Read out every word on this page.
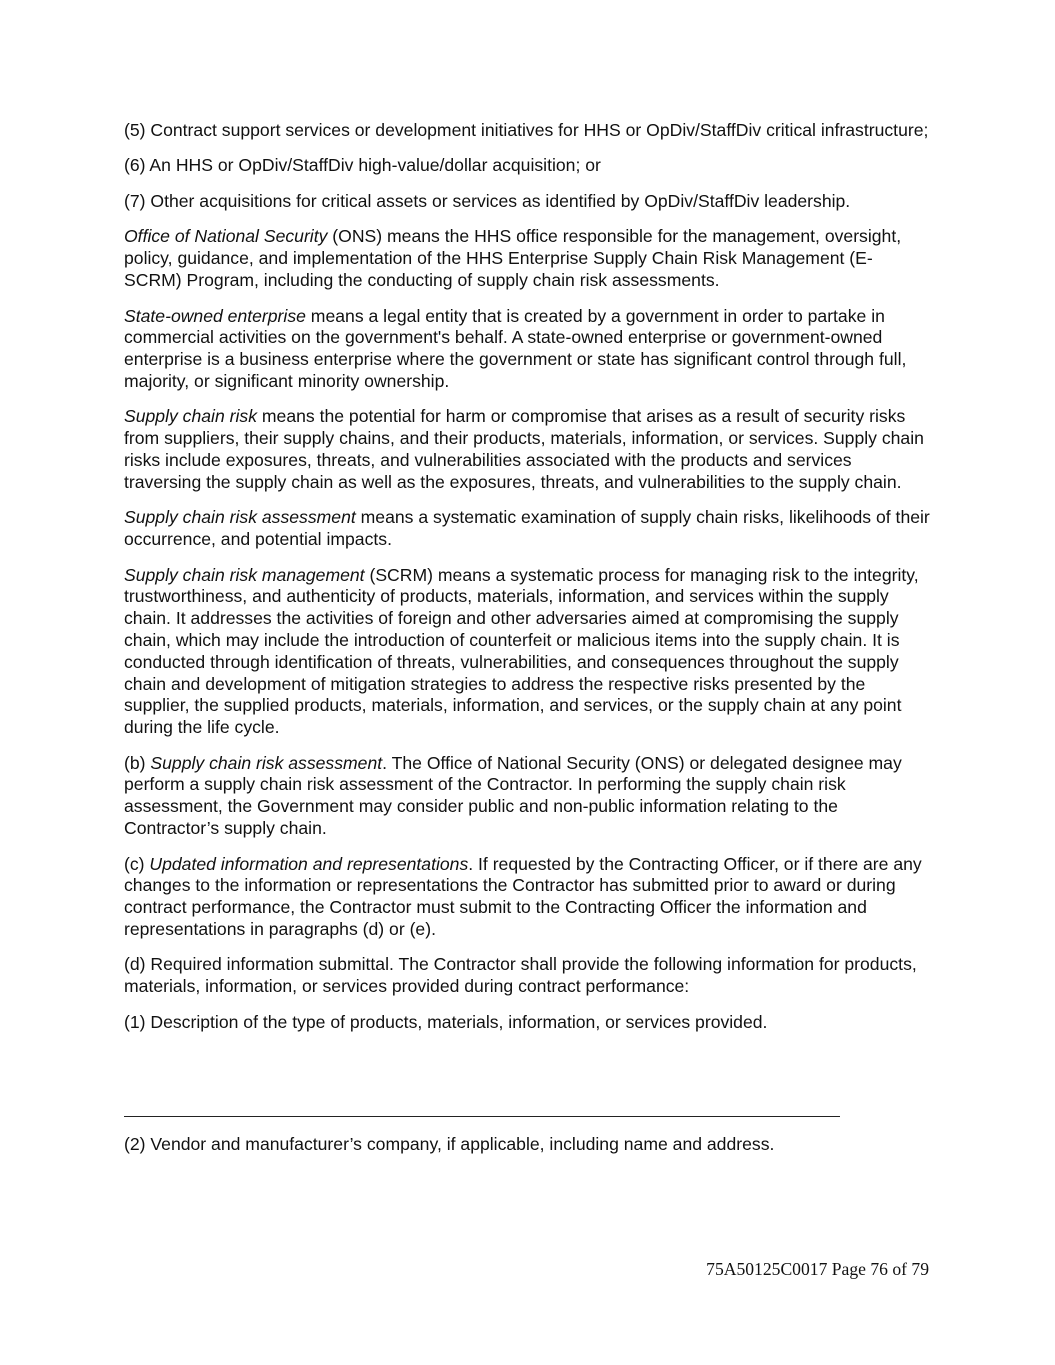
(5) Contract support services or development initiatives for HHS or OpDiv/StaffDiv critical infrastructure;

(6) An HHS or OpDiv/StaffDiv high-value/dollar acquisition; or

(7) Other acquisitions for critical assets or services as identified by OpDiv/StaffDiv leadership.

Office of National Security (ONS) means the HHS office responsible for the management, oversight, policy, guidance, and implementation of the HHS Enterprise Supply Chain Risk Management (E-SCRM) Program, including the conducting of supply chain risk assessments.

State-owned enterprise means a legal entity that is created by a government in order to partake in commercial activities on the government's behalf. A state-owned enterprise or government-owned enterprise is a business enterprise where the government or state has significant control through full, majority, or significant minority ownership.

Supply chain risk means the potential for harm or compromise that arises as a result of security risks from suppliers, their supply chains, and their products, materials, information, or services. Supply chain risks include exposures, threats, and vulnerabilities associated with the products and services traversing the supply chain as well as the exposures, threats, and vulnerabilities to the supply chain.

Supply chain risk assessment means a systematic examination of supply chain risks, likelihoods of their occurrence, and potential impacts.

Supply chain risk management (SCRM) means a systematic process for managing risk to the integrity, trustworthiness, and authenticity of products, materials, information, and services within the supply chain. It addresses the activities of foreign and other adversaries aimed at compromising the supply chain, which may include the introduction of counterfeit or malicious items into the supply chain. It is conducted through identification of threats, vulnerabilities, and consequences throughout the supply chain and development of mitigation strategies to address the respective risks presented by the supplier, the supplied products, materials, information, and services, or the supply chain at any point during the life cycle.

(b) Supply chain risk assessment. The Office of National Security (ONS) or delegated designee may perform a supply chain risk assessment of the Contractor. In performing the supply chain risk assessment, the Government may consider public and non-public information relating to the Contractor’s supply chain.

(c) Updated information and representations. If requested by the Contracting Officer, or if there are any changes to the information or representations the Contractor has submitted prior to award or during contract performance, the Contractor must submit to the Contracting Officer the information and representations in paragraphs (d) or (e).

(d) Required information submittal. The Contractor shall provide the following information for products, materials, information, or services provided during contract performance:

(1) Description of the type of products, materials, information, or services provided.

(2) Vendor and manufacturer’s company, if applicable, including name and address.

75A50125C0017 Page 76 of 79
